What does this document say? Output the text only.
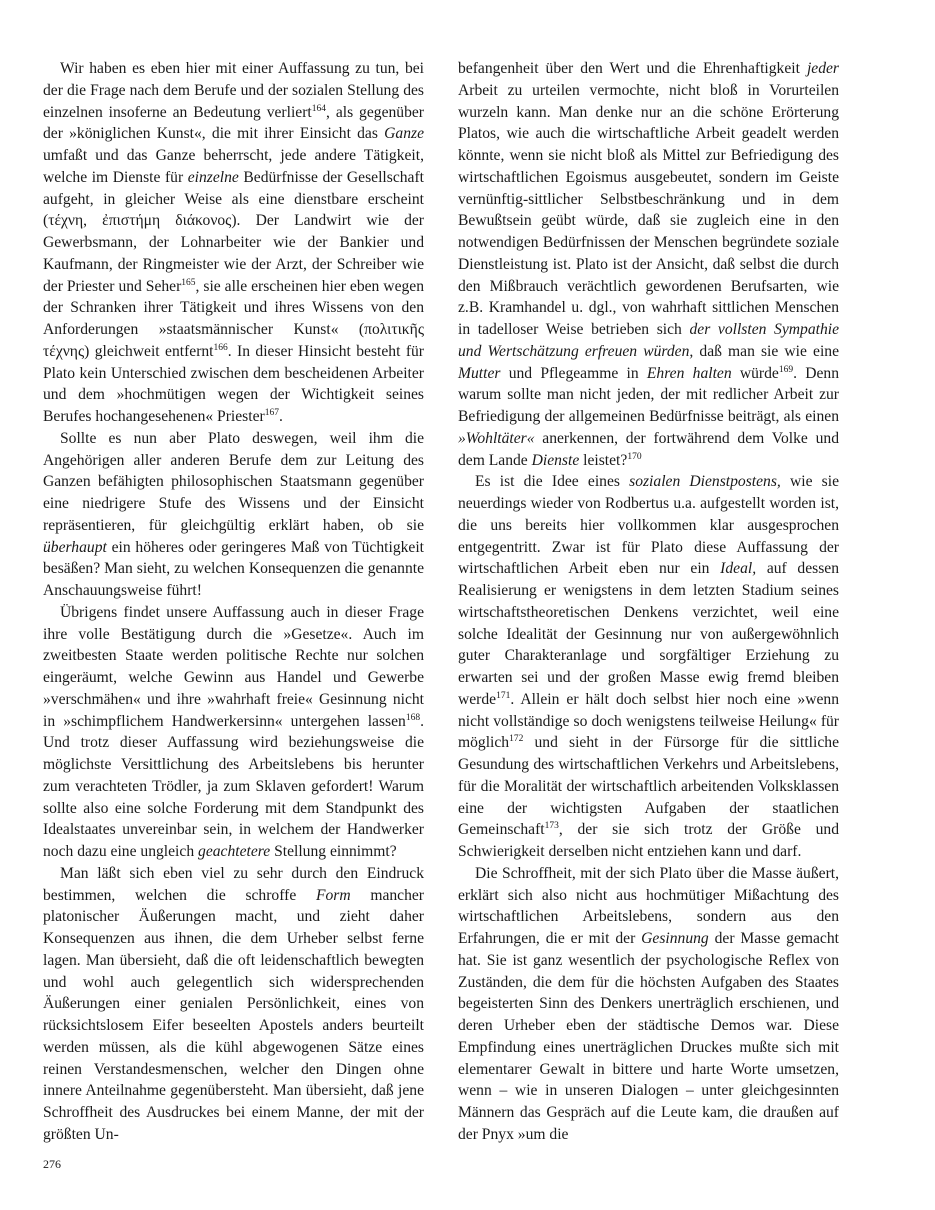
Wir haben es eben hier mit einer Auffassung zu tun, bei der die Frage nach dem Berufe und der sozialen Stellung des einzelnen insoferne an Bedeutung verliert$^{164}$, als gegenüber der »königlichen Kunst«, die mit ihrer Einsicht das Ganze umfaßt und das Ganze beherrscht, jede andere Tätigkeit, welche im Dienste für einzelne Bedürfnisse der Gesellschaft aufgeht, in gleicher Weise als eine dienstbare erscheint (τέχνη, ἐπιστήμη διάκονος). Der Landwirt wie der Gewerbsmann, der Lohnarbeiter wie der Bankier und Kaufmann, der Ringmeister wie der Arzt, der Schreiber wie der Priester und Seher$^{165}$, sie alle erscheinen hier eben wegen der Schranken ihrer Tätigkeit und ihres Wissens von den Anforderungen »staatsmännischer Kunst« (πολιτικῆς τέχνης) gleichweit entfernt$^{166}$. In dieser Hinsicht besteht für Plato kein Unterschied zwischen dem bescheidenen Arbeiter und dem »hochmütigen wegen der Wichtigkeit seines Berufes hochangesehenen« Priester$^{167}$.

Sollte es nun aber Plato deswegen, weil ihm die Angehörigen aller anderen Berufe dem zur Leitung des Ganzen befähigten philosophischen Staatsmann gegenüber eine niedrigere Stufe des Wissens und der Einsicht repräsentieren, für gleichgültig erklärt haben, ob sie überhaupt ein höheres oder geringeres Maß von Tüchtigkeit besäßen? Man sieht, zu welchen Konsequenzen die genannte Anschauungsweise führt!

Übrigens findet unsere Auffassung auch in dieser Frage ihre volle Bestätigung durch die »Gesetze«. Auch im zweitbesten Staate werden politische Rechte nur solchen eingeräumt, welche Gewinn aus Handel und Gewerbe »verschmähen« und ihre »wahrhaft freie« Gesinnung nicht in »schimpflichem Handwerkersinn« untergehen lassen$^{168}$. Und trotz dieser Auffassung wird beziehungsweise die möglichste Versittlichung des Arbeitslebens bis herunter zum verachteten Trödler, ja zum Sklaven gefordert! Warum sollte also eine solche Forderung mit dem Standpunkt des Idealstaates unvereinbar sein, in welchem der Handwerker noch dazu eine ungleich geachtetere Stellung einnimmt?

Man läßt sich eben viel zu sehr durch den Eindruck bestimmen, welchen die schroffe Form mancher platonischer Äußerungen macht, und zieht daher Konsequenzen aus ihnen, die dem Urheber selbst ferne lagen. Man übersieht, daß die oft leidenschaftlich bewegten und wohl auch gelegentlich sich widersprechenden Äußerungen einer genialen Persönlichkeit, eines von rücksichtslosem Eifer beseelten Apostels anders beurteilt werden müssen, als die kühl abgewogenen Sätze eines reinen Verstandesmenschen, welcher den Dingen ohne innere Anteilnahme gegenübersteht. Man übersieht, daß jene Schroffheit des Ausdruckes bei einem Manne, der mit der größten Un-

befangenheit über den Wert und die Ehrenhaftigkeit jeder Arbeit zu urteilen vermochte, nicht bloß in Vorurteilen wurzeln kann. Man denke nur an die schöne Erörterung Platos, wie auch die wirtschaftliche Arbeit geadelt werden könnte, wenn sie nicht bloß als Mittel zur Befriedigung des wirtschaftlichen Egoismus ausgebeutet, sondern im Geiste vernünftig-sittlicher Selbstbeschränkung und in dem Bewußtsein geübt würde, daß sie zugleich eine in den notwendigen Bedürfnissen der Menschen begründete soziale Dienstleistung ist. Plato ist der Ansicht, daß selbst die durch den Mißbrauch verächtlich gewordenen Berufsarten, wie z.B. Kramhandel u. dgl., von wahrhaft sittlichen Menschen in tadelloser Weise betrieben sich der vollsten Sympathie und Wertschätzung erfreuen würden, daß man sie wie eine Mutter und Pflegeamme in Ehren halten würde$^{169}$. Denn warum sollte man nicht jeden, der mit redlicher Arbeit zur Befriedigung der allgemeinen Bedürfnisse beiträgt, als einen »Wohltäter« anerkennen, der fortwährend dem Volke und dem Lande Dienste leistet?$^{170}$

Es ist die Idee eines sozialen Dienstpostens, wie sie neuerdings wieder von Rodbertus u.a. aufgestellt worden ist, die uns bereits hier vollkommen klar ausgesprochen entgegentritt. Zwar ist für Plato diese Auffassung der wirtschaftlichen Arbeit eben nur ein Ideal, auf dessen Realisierung er wenigstens in dem letzten Stadium seines wirtschaftstheoretischen Denkens verzichtet, weil eine solche Idealität der Gesinnung nur von außergewöhnlich guter Charakteranlage und sorgfältiger Erziehung zu erwarten sei und der großen Masse ewig fremd bleiben werde$^{171}$. Allein er hält doch selbst hier noch eine »wenn nicht vollständige so doch wenigstens teilweise Heilung« für möglich$^{172}$ und sieht in der Fürsorge für die sittliche Gesundung des wirtschaftlichen Verkehrs und Arbeitslebens, für die Moralität der wirtschaftlich arbeitenden Volksklassen eine der wichtigsten Aufgaben der staatlichen Gemeinschaft$^{173}$, der sie sich trotz der Größe und Schwierigkeit derselben nicht entziehen kann und darf.

Die Schroffheit, mit der sich Plato über die Masse äußert, erklärt sich also nicht aus hochmütiger Mißachtung des wirtschaftlichen Arbeitslebens, sondern aus den Erfahrungen, die er mit der Gesinnung der Masse gemacht hat. Sie ist ganz wesentlich der psychologische Reflex von Zuständen, die dem für die höchsten Aufgaben des Staates begeisterten Sinn des Denkers unerträglich erschienen, und deren Urheber eben der städtische Demos war. Diese Empfindung eines unerträglichen Druckes mußte sich mit elementarer Gewalt in bittere und harte Worte umsetzen, wenn – wie in unseren Dialogen – unter gleichgesinnten Männern das Gespräch auf die Leute kam, die draußen auf der Pnyx »um die

276
